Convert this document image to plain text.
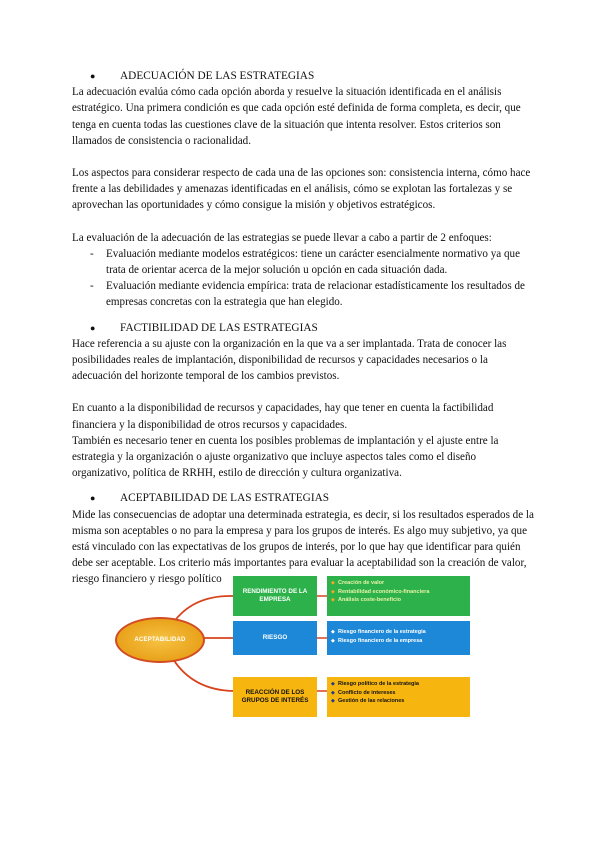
● ADECUACIÓN DE LAS ESTRATEGIAS

La adecuación evalúa cómo cada opción aborda y resuelve la situación identificada en el análisis estratégico. Una primera condición es que cada opción esté definida de forma completa, es decir, que tenga en cuenta todas las cuestiones clave de la situación que intenta resolver. Estos criterios son llamados de consistencia o racionalidad.

Los aspectos para considerar respecto de cada una de las opciones son: consistencia interna, cómo hace frente a las debilidades y amenazas identificadas en el análisis, cómo se explotan las fortalezas y se aprovechan las oportunidades y cómo consigue la misión y objetivos estratégicos.

La evaluación de la adecuación de las estrategias se puede llevar a cabo a partir de 2 enfoques:

- Evaluación mediante modelos estratégicos: tiene un carácter esencialmente normativo ya que trata de orientar acerca de la mejor solución u opción en cada situación dada.
- Evaluación mediante evidencia empírica: trata de relacionar estadísticamente los resultados de empresas concretas con la estrategia que han elegido.

● FACTIBILIDAD DE LAS ESTRATEGIAS

Hace referencia a su ajuste con la organización en la que va a ser implantada. Trata de conocer las posibilidades reales de implantación, disponibilidad de recursos y capacidades necesarios o la adecuación del horizonte temporal de los cambios previstos.

En cuanto a la disponibilidad de recursos y capacidades, hay que tener en cuenta la factibilidad financiera y la disponibilidad de otros recursos y capacidades.

También es necesario tener en cuenta los posibles problemas de implantación y el ajuste entre la estrategia y la organización o ajuste organizativo que incluye aspectos tales como el diseño organizativo, política de RRHH, estilo de dirección y cultura organizativa.

● ACEPTABILIDAD DE LAS ESTRATEGIAS

Mide las consecuencias de adoptar una determinada estrategia, es decir, si los resultados esperados de la misma son aceptables o no para la empresa y para los grupos de interés. Es algo muy subjetivo, ya que está vinculado con las expectativas de los grupos de interés, por lo que hay que identificar para quién debe ser aceptable. Los criterio más importantes para evaluar la aceptabilidad son la creación de valor, riesgo financiero y riesgo político

ACEPTABILIDAD
RENDIMIENTO DE LA EMPRESA
◆ Creación de valor
◆ Rentabilidad económico-financiera
◆ Análisis coste-beneficio
RIESGO
◆ Riesgo financiero de la estrategia
◆ Riesgo financiero de la empresa
REACCIÓN DE LOS GRUPOS DE INTERÉS
◆ Riesgo político de la estrategia
◆ Conflicto de intereses
◆ Gestión de las relaciones
